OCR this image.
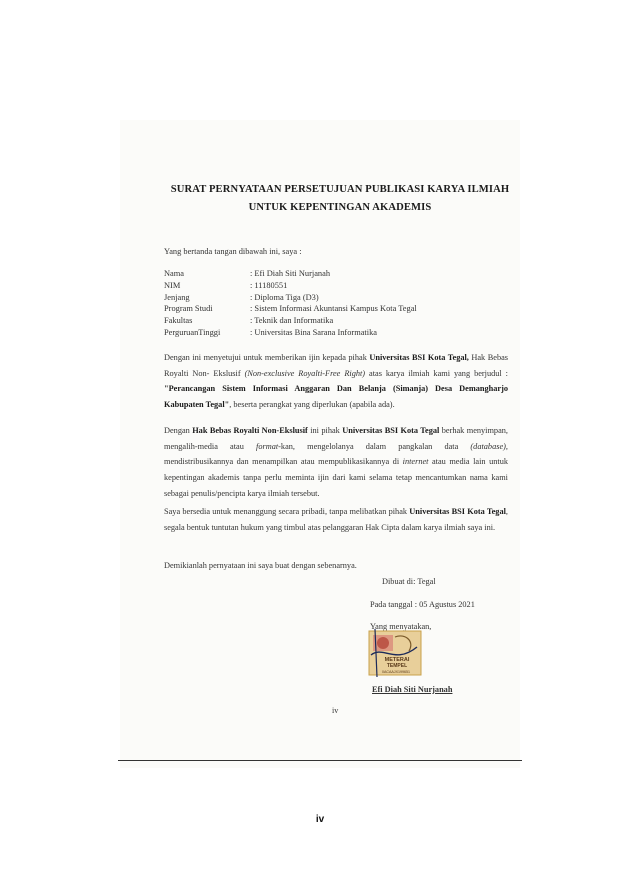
SURAT PERNYATAAN PERSETUJUAN PUBLIKASI KARYA ILMIAH
UNTUK KEPENTINGAN AKADEMIS
Yang bertanda tangan dibawah ini, saya :
Nama	: Efi Diah Siti Nurjanah
NIM	: 11180551
Jenjang	: Diploma Tiga (D3)
Program Studi	: Sistem Informasi Akuntansi Kampus Kota Tegal
Fakultas	: Teknik dan Informatika
PerguruanTinggi	: Universitas Bina Sarana Informatika
Dengan ini menyetujui untuk memberikan ijin kepada pihak Universitas BSI Kota Tegal, Hak Bebas Royalti Non- Ekslusif (Non-exclusive Royalti-Free Right) atas karya ilmiah kami yang berjudul : "Perancangan Sistem Informasi Anggaran Dan Belanja (Simanja) Desa Demangharjo Kabupaten Tegal", beserta perangkat yang diperlukan (apabila ada).
Dengan Hak Bebas Royalti Non-Ekslusif ini pihak Universitas BSI Kota Tegal berhak menyimpan, mengalih-media atau format-kan, mengelolanya dalam pangkalan data (database), mendistribusikannya dan menampilkan atau mempublikasikannya di internet atau media lain untuk kepentingan akademis tanpa perlu meminta ijin dari kami selama tetap mencantumkan nama kami sebagai penulis/pencipta karya ilmiah tersebut.
Saya bersedia untuk menanggung secara pribadi, tanpa melibatkan pihak Universitas BSI Kota Tegal, segala bentuk tuntutan hukum yang timbul atas pelanggaran Hak Cipta dalam karya ilmiah saya ini.
Demikianlah pernyataan ini saya buat dengan sebenarnya.
Dibuat di: Tegal
Pada tanggal : 05 Agustus 2021
Yang menyatakan,
METERAI
TEMPEL
0ACAAJX199651
Efi Diah Siti Nurjanah
iv
iv
